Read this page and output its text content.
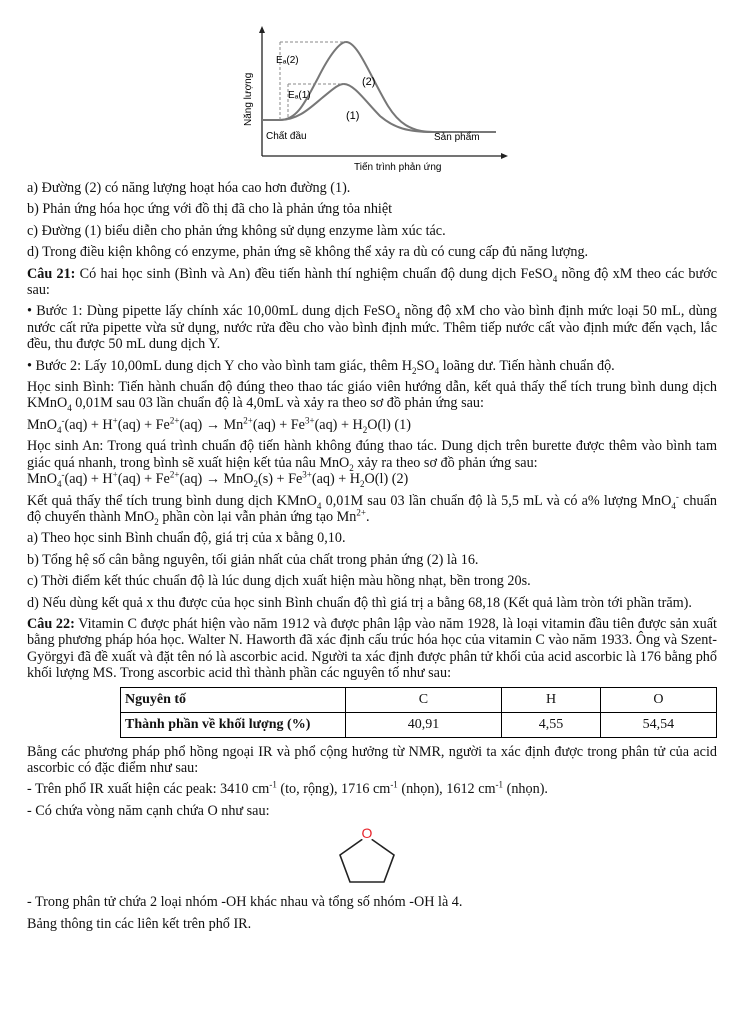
Eₐ(2)
Eₐ(1)
(2)
(1)
Chất đầu	Sản phẩm
Tiến trình phản ứng
Năng lượng

a) Đường (2) có năng lượng hoạt hóa cao hơn đường (1).

b) Phản ứng hóa học ứng với đồ thị đã cho là phản ứng tỏa nhiệt

c) Đường (1) biểu diễn cho phản ứng không sử dụng enzyme làm xúc tác.

d) Trong điều kiện không có enzyme, phản ứng sẽ không thể xảy ra dù có cung cấp đủ năng lượng.

Câu 21: Có hai học sinh (Bình và An) đều tiến hành thí nghiệm chuẩn độ dung dịch FeSO$_4$ nồng độ xM theo các bước sau:

• Bước 1: Dùng pipette lấy chính xác 10,00mL dung dịch FeSO$_4$ nồng độ xM cho vào bình định mức loại 50 mL, dùng nước cất rửa pipette vừa sử dụng, nước rửa đều cho vào bình định mức. Thêm tiếp nước cất vào định mức đến vạch, lắc đều, thu được 50 mL dung dịch Y.

• Bước 2: Lấy 10,00mL dung dịch Y cho vào bình tam giác, thêm $H_2SO_4$ loãng dư. Tiến hành chuẩn độ.

Học sinh Bình: Tiến hành chuẩn độ đúng theo thao tác giáo viên hướng dẫn, kết quả thấy thể tích trung bình dung dịch KMnO$_4$ 0,01M sau 03 lần chuẩn độ là 4,0mL và xảy ra theo sơ đồ phản ứng sau:

$MnO_4^-(aq) + H^+(aq) + Fe^{2+}(aq) \to Mn^{2+}(aq) + Fe^{3+}(aq) + H_2O(l)$ (1)

Học sinh An: Trong quá trình chuẩn độ tiến hành không đúng thao tác. Dung dịch trên burette được thêm vào bình tam giác quá nhanh, trong bình sẽ xuất hiện kết tủa nâu MnO$_2$ xảy ra theo sơ đồ phản ứng sau:
$MnO_4^-(aq) + H^+(aq) + Fe^{2+}(aq) \to MnO_2(s) + Fe^{3+}(aq) + H_2O(l)$ (2)

Kết quả thấy thể tích trung bình dung dịch KMnO$_4$ 0,01M sau 03 lần chuẩn độ là 5,5 mL và có a% lượng MnO$_4$- chuẩn độ chuyển thành MnO$_2$ phần còn lại vẫn phản ứng tạo $Mn^{2+}$.

a) Theo học sinh Bình chuẩn độ, giá trị của x bằng 0,10.

b) Tổng hệ số cân bằng nguyên, tối giản nhất của chất trong phản ứng (2) là 16.

c) Thời điểm kết thúc chuẩn độ là lúc dung dịch xuất hiện màu hồng nhạt, bền trong 20s.

d) Nếu dùng kết quả x thu được của học sinh Bình chuẩn độ thì giá trị a bằng 68,18 (Kết quả làm tròn tới phần trăm).

Câu 22: Vitamin C được phát hiện vào năm 1912 và được phân lập vào năm 1928, là loại vitamin đầu tiên được sản xuất bằng phương pháp hóa học. Walter N. Haworth đã xác định cấu trúc hóa học của vitamin C vào năm 1933. Ông và Szent-Györgyi đã đề xuất và đặt tên nó là ascorbic acid. Người ta xác định được phân tử khối của acid ascorbic là 176 bằng phổ khối lượng MS. Trong ascorbic acid thì thành phần các nguyên tố như sau:

Nguyên tố	C	H	O
Thành phần về khối lượng (%)	40,91	4,55	54,54

Bằng các phương pháp phổ hồng ngoại IR và phổ cộng hưởng từ NMR, người ta xác định được trong phân tử của acid ascorbic có đặc điểm như sau:

- Trên phổ IR xuất hiện các peak: 3410 $cm^{-1}$ (to, rộng), 1716 $cm^{-1}$ (nhọn), 1612 $cm^{-1}$ (nhọn).

- Có chứa vòng năm cạnh chứa O như sau:

O

- Trong phân tử chứa 2 loại nhóm -OH khác nhau và tổng số nhóm -OH là 4.

Bảng thông tin các liên kết trên phổ IR.
